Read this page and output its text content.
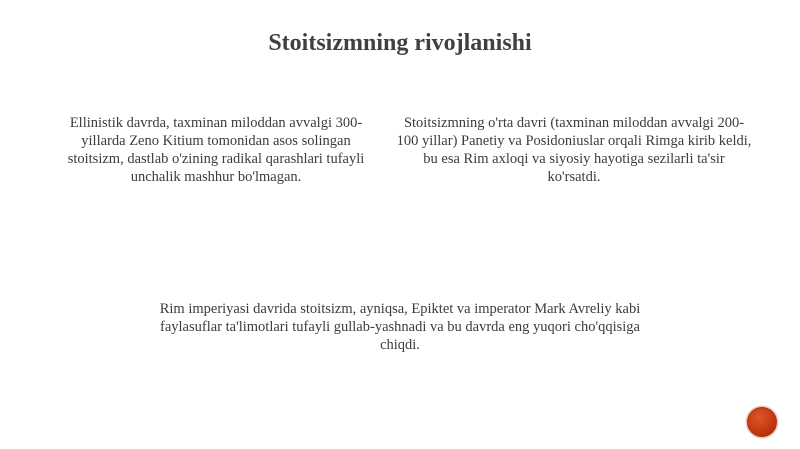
Stoitsizmning rivojlanishi

Ellinistik davrda, taxminan miloddan avvalgi 300-yillarda Zeno Kitium tomonidan asos solingan stoitsizm, dastlab o'zining radikal qarashlari tufayli unchalik mashhur bo'lmagan.

Stoitsizmning o'rta davri (taxminan miloddan avvalgi 200-100 yillar) Panetiy va Posidoniuslar orqali Rimga kirib keldi, bu esa Rim axloqi va siyosiy hayotiga sezilarli ta'sir ko'rsatdi.

Rim imperiyasi davrida stoitsizm, ayniqsa, Epiktet va imperator Mark Avreliy kabi faylasuflar ta'limotlari tufayli gullab-yashnadi va bu davrda eng yuqori cho'qqisiga chiqdi.
